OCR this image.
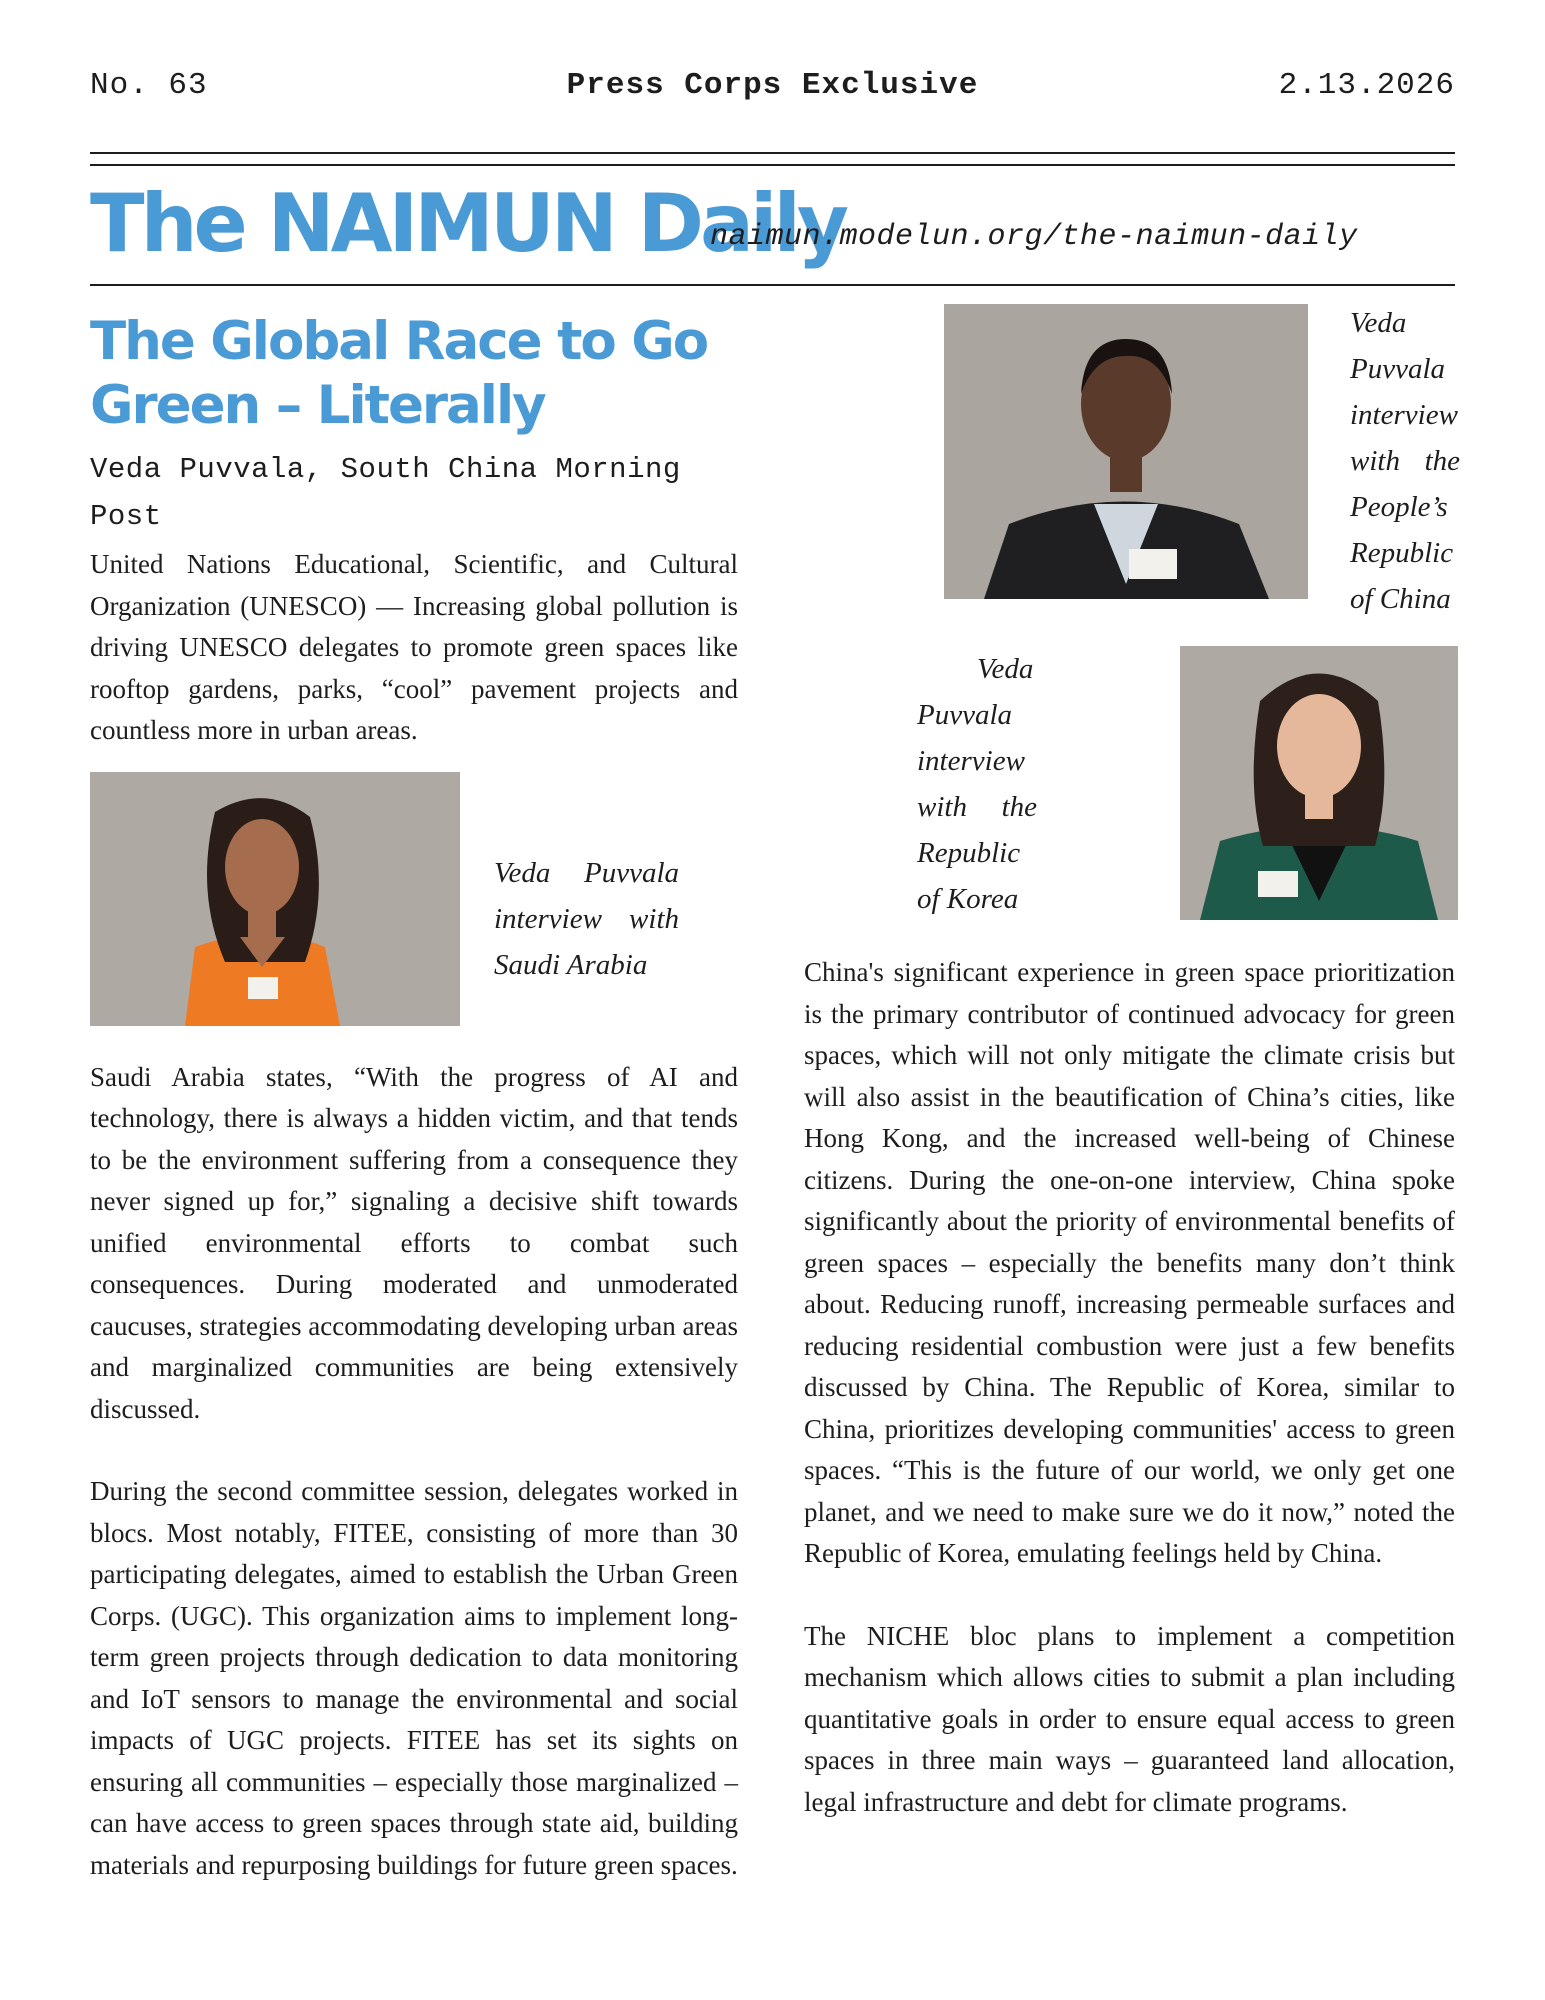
No. 63	Press Corps Exclusive	2.13.2026
The NAIMUN Daily
naimun.modelun.org/the-naimun-daily
The Global Race to Go Green – Literally
Veda Puvvala, South China Morning Post

United Nations Educational, Scientific, and Cultural Organization (UNESCO) — Increasing global pollution is driving UNESCO delegates to promote green spaces like rooftop gardens, parks, “cool” pavement projects and countless more in urban areas.

Veda Puvvala interview with Saudi Arabia

Saudi Arabia states, “With the progress of AI and technology, there is always a hidden victim, and that tends to be the environment suffering from a consequence they never signed up for,” signaling a decisive shift towards unified environmental efforts to combat such consequences. During moderated and unmoderated caucuses, strategies accommodating developing urban areas and marginalized communities are being extensively discussed.

During the second committee session, delegates worked in blocs. Most notably, FITEE, consisting of more than 30 participating delegates, aimed to establish the Urban Green Corps. (UGC). This organization aims to implement long-term green projects through dedication to data monitoring and IoT sensors to manage the environmental and social impacts of UGC projects. FITEE has set its sights on ensuring all communities – especially those marginalized – can have access to green spaces through state aid, building materials and repurposing buildings for future green spaces.

Veda Puvvala interview with the People’s Republic of China
Veda Puvvala interview with the Republic of Korea

China's significant experience in green space prioritization is the primary contributor of continued advocacy for green spaces, which will not only mitigate the climate crisis but will also assist in the beautification of China’s cities, like Hong Kong, and the increased well-being of Chinese citizens. During the one-on-one interview, China spoke significantly about the priority of environmental benefits of green spaces – especially the benefits many don’t think about. Reducing runoff, increasing permeable surfaces and reducing residential combustion were just a few benefits discussed by China. The Republic of Korea, similar to China, prioritizes developing communities' access to green spaces. “This is the future of our world, we only get one planet, and we need to make sure we do it now,” noted the Republic of Korea, emulating feelings held by China.

The NICHE bloc plans to implement a competition mechanism which allows cities to submit a plan including quantitative goals in order to ensure equal access to green spaces in three main ways – guaranteed land allocation, legal infrastructure and debt for climate programs.
